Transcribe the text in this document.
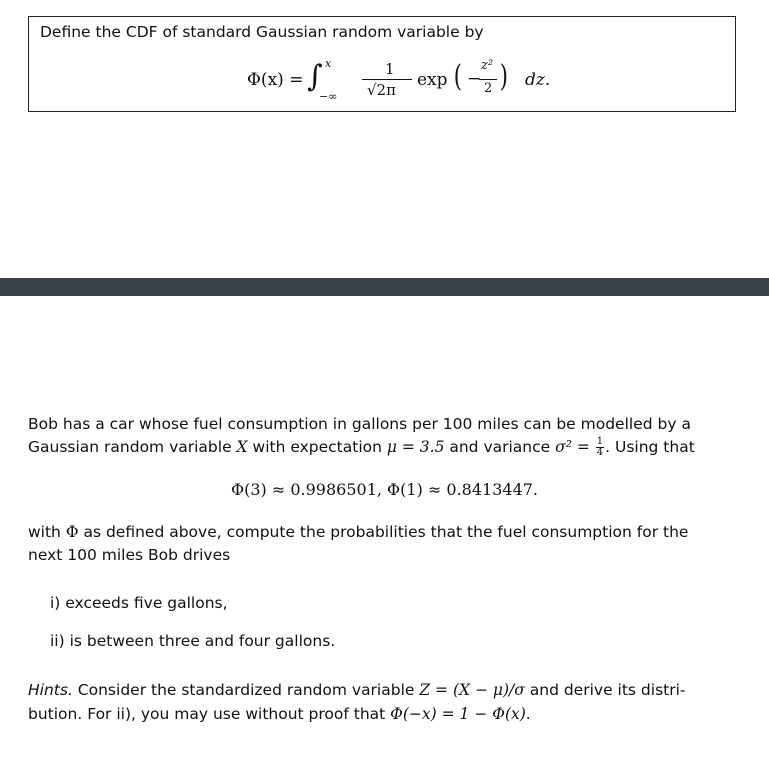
Define the CDF of standard Gaussian random variable by
Φ(x) = ∫ x
−∞
1
√2π exp ( −
z²
2 ) dz.
Bob has a car whose fuel consumption in gallons per 100 miles can be modelled by a
Gaussian random variable X with expectation μ = 3.5 and variance $\sigma^2 = \frac{1}{4}$ . Using that
Φ(3) ≈ 0.9986501, Φ(1) ≈ 0.8413447.
with Φ as defined above, compute the probabilities that the fuel consumption for the
next 100 miles Bob drives
i) exceeds five gallons,
ii) is between three and four gallons.
Hints. Consider the standardized random variable Z = (X − μ)/σ and derive its distri-
bution. For ii), you may use without proof that Φ(−x) = 1 − Φ(x).
